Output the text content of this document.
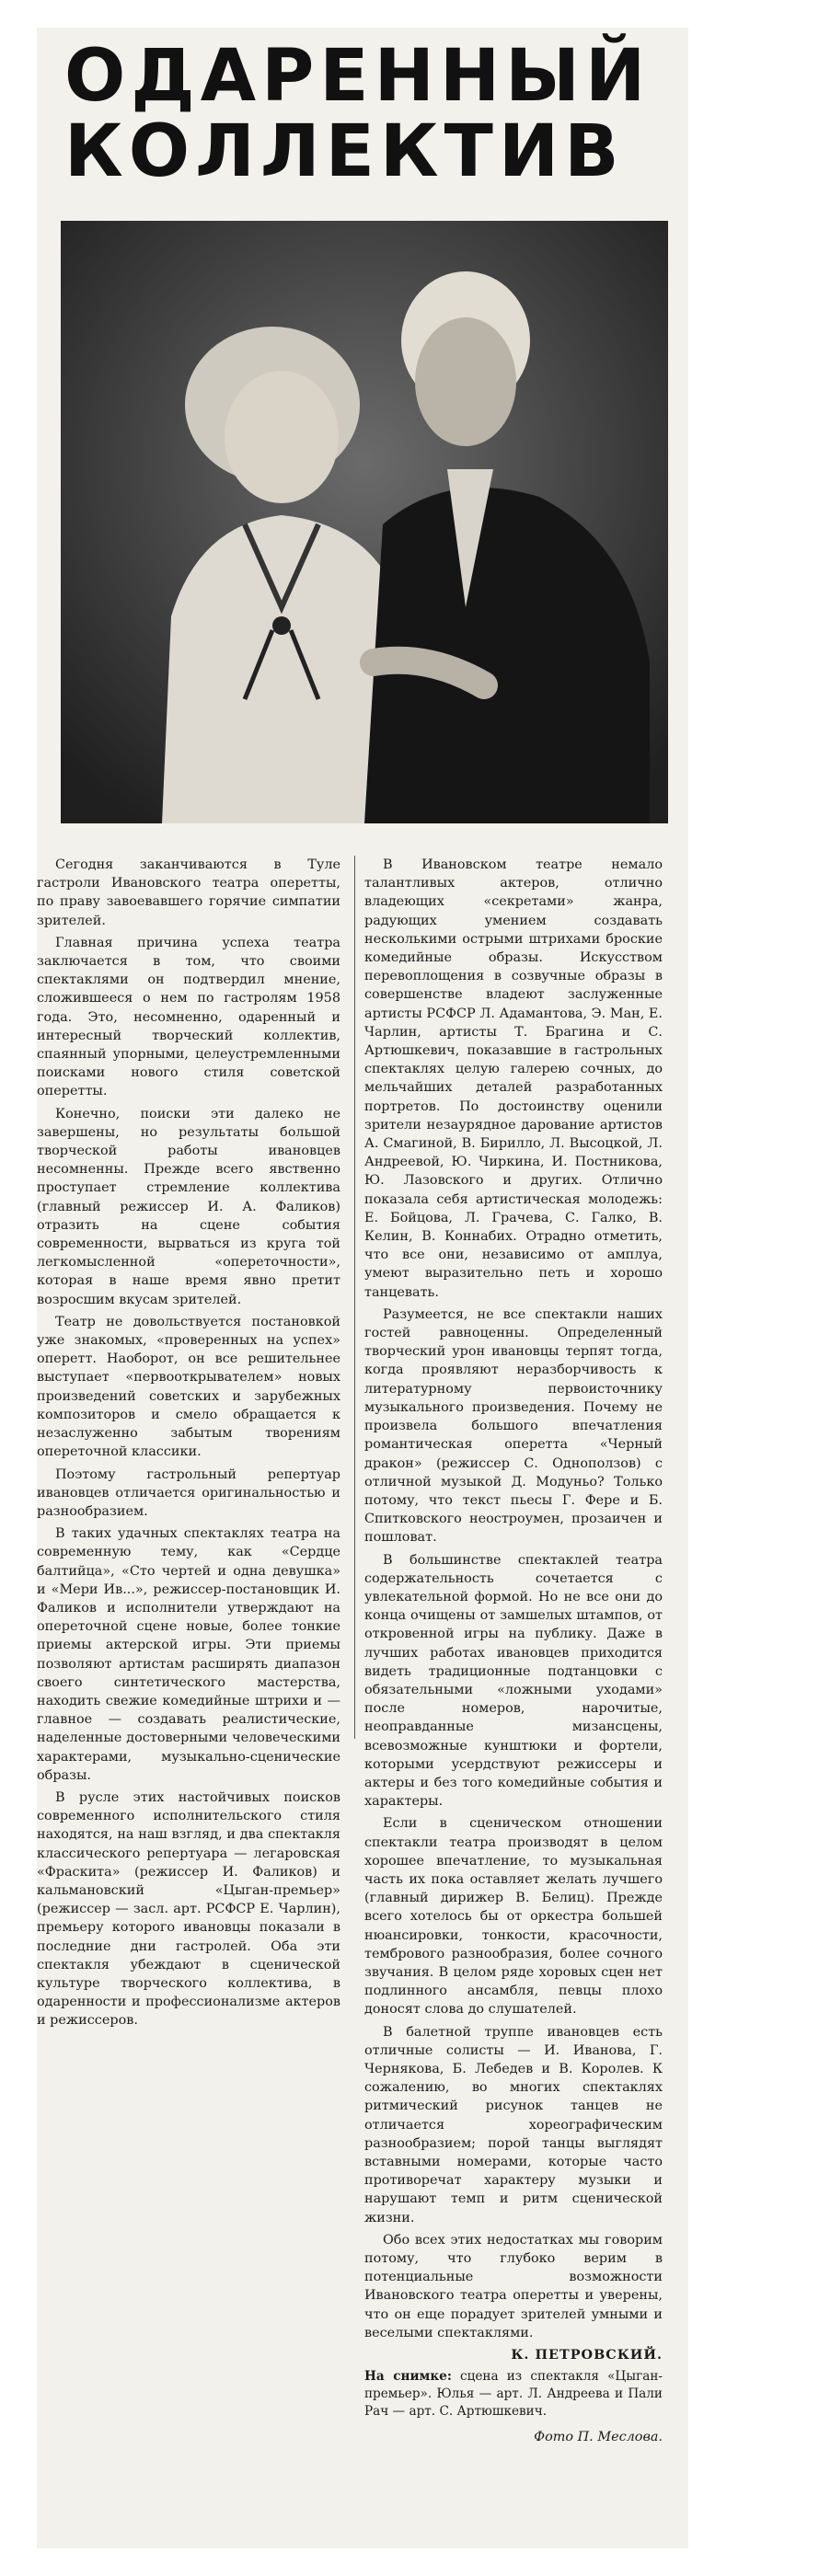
ОДАРЕННЫЙ
КОЛЛЕКТИВ

Сегодня заканчиваются в Туле гастроли Ивановского театра оперетты, по праву завоевавшего горячие симпатии зрителей.

Главная причина успеха театра заключается в том, что своими спектаклями он подтвердил мнение, сложившееся о нем по гастролям 1958 года. Это, несомненно, одаренный и интересный творческий коллектив, спаянный упорными, целеустремленными поисками нового стиля советской оперетты.

Конечно, поиски эти далеко не завершены, но результаты большой творческой работы ивановцев несомненны. Прежде всего явственно проступает стремление коллектива (главный режиссер И. А. Фаликов) отразить на сцене события современности, вырваться из круга той легкомысленной «опереточности», которая в наше время явно претит возросшим вкусам зрителей.

Театр не довольствуется постановкой уже знакомых, «проверенных на успех» оперетт. Наоборот, он все решительнее выступает «первооткрывателем» новых произведений советских и зарубежных композиторов и смело обращается к незаслуженно забытым творениям опереточной классики.

Поэтому гастрольный репертуар ивановцев отличается оригинальностью и разнообразием.

В таких удачных спектаклях театра на современную тему, как «Сердце балтийца», «Сто чертей и одна девушка» и «Мери Ив...», режиссер-постановщик И. Фаликов и исполнители утверждают на опереточной сцене новые, более тонкие приемы актерской игры. Эти приемы позволяют артистам расширять диапазон своего синтетического мастерства, находить свежие комедийные штрихи и — главное — создавать реалистические, наделенные достоверными человеческими характерами, музыкально-сценические образы.

В русле этих настойчивых поисков современного исполнительского стиля находятся, на наш взгляд, и два спектакля классического репертуара — легаровская «Фраскита» (режиссер И. Фаликов) и кальмановский «Цыган-премьер» (режиссер — засл. арт. РСФСР Е. Чарлин), премьеру которого ивановцы показали в последние дни гастролей. Оба эти спектакля убеждают в сценической культуре творческого коллектива, в одаренности и профессионализме актеров и режиссеров.

В Ивановском театре немало талантливых актеров, отлично владеющих «секретами» жанра, радующих умением создавать несколькими острыми штрихами броские комедийные образы. Искусством перевоплощения в созвучные образы в совершенстве владеют заслуженные артисты РСФСР Л. Адамантова, Э. Ман, Е. Чарлин, артисты Т. Брагина и С. Артюшкевич, показавшие в гастрольных спектаклях целую галерею сочных, до мельчайших деталей разработанных портретов. По достоинству оценили зрители незаурядное дарование артистов А. Смагиной, В. Бирилло, Л. Высоцкой, Л. Андреевой, Ю. Чиркина, И. Постникова, Ю. Лазовского и других. Отлично показала себя артистическая молодежь: Е. Бойцова, Л. Грачева, С. Галко, В. Келин, В. Коннабих. Отрадно отметить, что все они, независимо от амплуа, умеют выразительно петь и хорошо танцевать.

Разумеется, не все спектакли наших гостей равноценны. Определенный творческий урон ивановцы терпят тогда, когда проявляют неразборчивость к литературному первоисточнику музыкального произведения. Почему не произвела большого впечатления романтическая оперетта «Черный дракон» (режиссер С. Одноползов) с отличной музыкой Д. Модуньо? Только потому, что текст пьесы Г. Фере и Б. Спитковского неостроумен, прозаичен и пошловат.

В большинстве спектаклей театра содержательность сочетается с увлекательной формой. Но не все они до конца очищены от замшелых штампов, от откровенной игры на публику. Даже в лучших работах ивановцев приходится видеть традиционные подтанцовки с обязательными «ложными уходами» после номеров, нарочитые, неоправданные мизансцены, всевозможные кунштюки и фортели, которыми усердствуют режиссеры и актеры и без того комедийные события и характеры.

Если в сценическом отношении спектакли театра производят в целом хорошее впечатление, то музыкальная часть их пока оставляет желать лучшего (главный дирижер В. Белиц). Прежде всего хотелось бы от оркестра большей нюансировки, тонкости, красочности, тембрового разнообразия, более сочного звучания. В целом ряде хоровых сцен нет подлинного ансамбля, певцы плохо доносят слова до слушателей.

В балетной труппе ивановцев есть отличные солисты — И. Иванова, Г. Чернякова, Б. Лебедев и В. Королев. К сожалению, во многих спектаклях ритмический рисунок танцев не отличается хореографическим разнообразием; порой танцы выглядят вставными номерами, которые часто противоречат характеру музыки и нарушают темп и ритм сценической жизни.

Обо всех этих недостатках мы говорим потому, что глубоко верим в потенциальные возможности Ивановского театра оперетты и уверены, что он еще порадует зрителей умными и веселыми спектаклями.

К. ПЕТРОВСКИЙ.

На снимке: сцена из спектакля «Цыган-премьер». Юлья — арт. Л. Андреева и Пали Рач — арт. С. Артюшкевич.

Фото П. Меслова.
